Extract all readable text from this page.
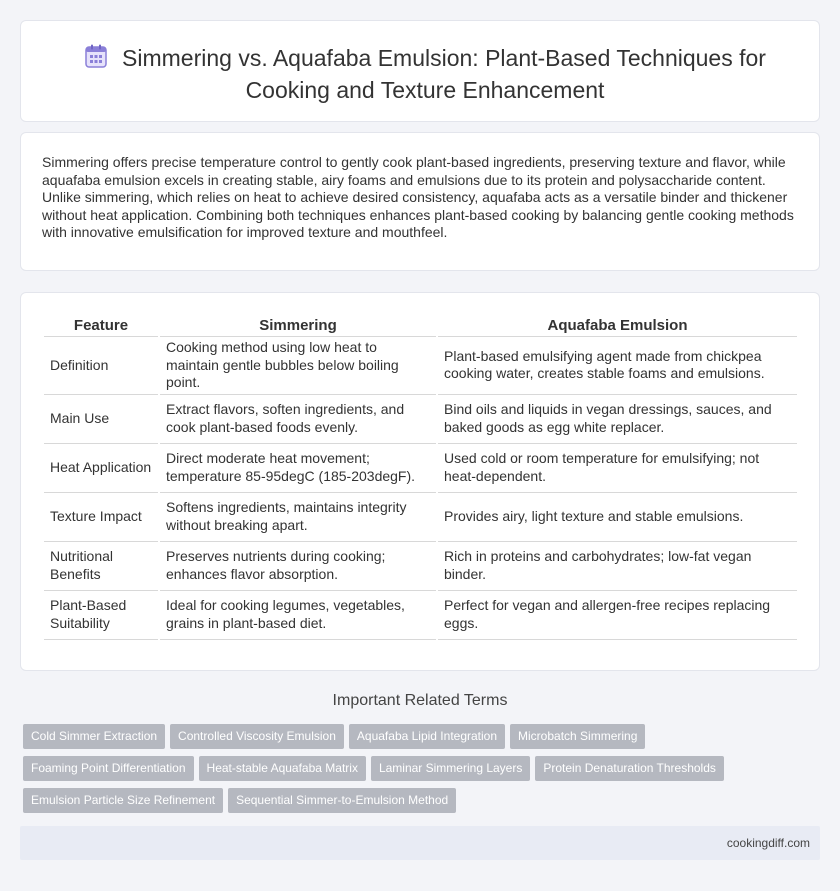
Simmering vs. Aquafaba Emulsion: Plant-Based Techniques for Cooking and Texture Enhancement

Simmering offers precise temperature control to gently cook plant-based ingredients, preserving texture and flavor, while aquafaba emulsion excels in creating stable, airy foams and emulsions due to its protein and polysaccharide content. Unlike simmering, which relies on heat to achieve desired consistency, aquafaba acts as a versatile binder and thickener without heat application. Combining both techniques enhances plant-based cooking by balancing gentle cooking methods with innovative emulsification for improved texture and mouthfeel.

Feature	Simmering	Aquafaba Emulsion
Definition	Cooking method using low heat to maintain gentle bubbles below boiling point.	Plant-based emulsifying agent made from chickpea cooking water, creates stable foams and emulsions.
Main Use	Extract flavors, soften ingredients, and cook plant-based foods evenly.	Bind oils and liquids in vegan dressings, sauces, and baked goods as egg white replacer.
Heat Application	Direct moderate heat movement; temperature 85-95degC (185-203degF).	Used cold or room temperature for emulsifying; not heat-dependent.
Texture Impact	Softens ingredients, maintains integrity without breaking apart.	Provides airy, light texture and stable emulsions.
Nutritional Benefits	Preserves nutrients during cooking; enhances flavor absorption.	Rich in proteins and carbohydrates; low-fat vegan binder.
Plant-Based Suitability	Ideal for cooking legumes, vegetables, grains in plant-based diet.	Perfect for vegan and allergen-free recipes replacing eggs.
Important Related Terms
Cold Simmer Extraction Controlled Viscosity Emulsion Aquafaba Lipid Integration Microbatch Simmering
Foaming Point Differentiation Heat-stable Aquafaba Matrix Laminar Simmering Layers Protein Denaturation Thresholds
Emulsion Particle Size Refinement Sequential Simmer-to-Emulsion Method
cookingdiff.com
